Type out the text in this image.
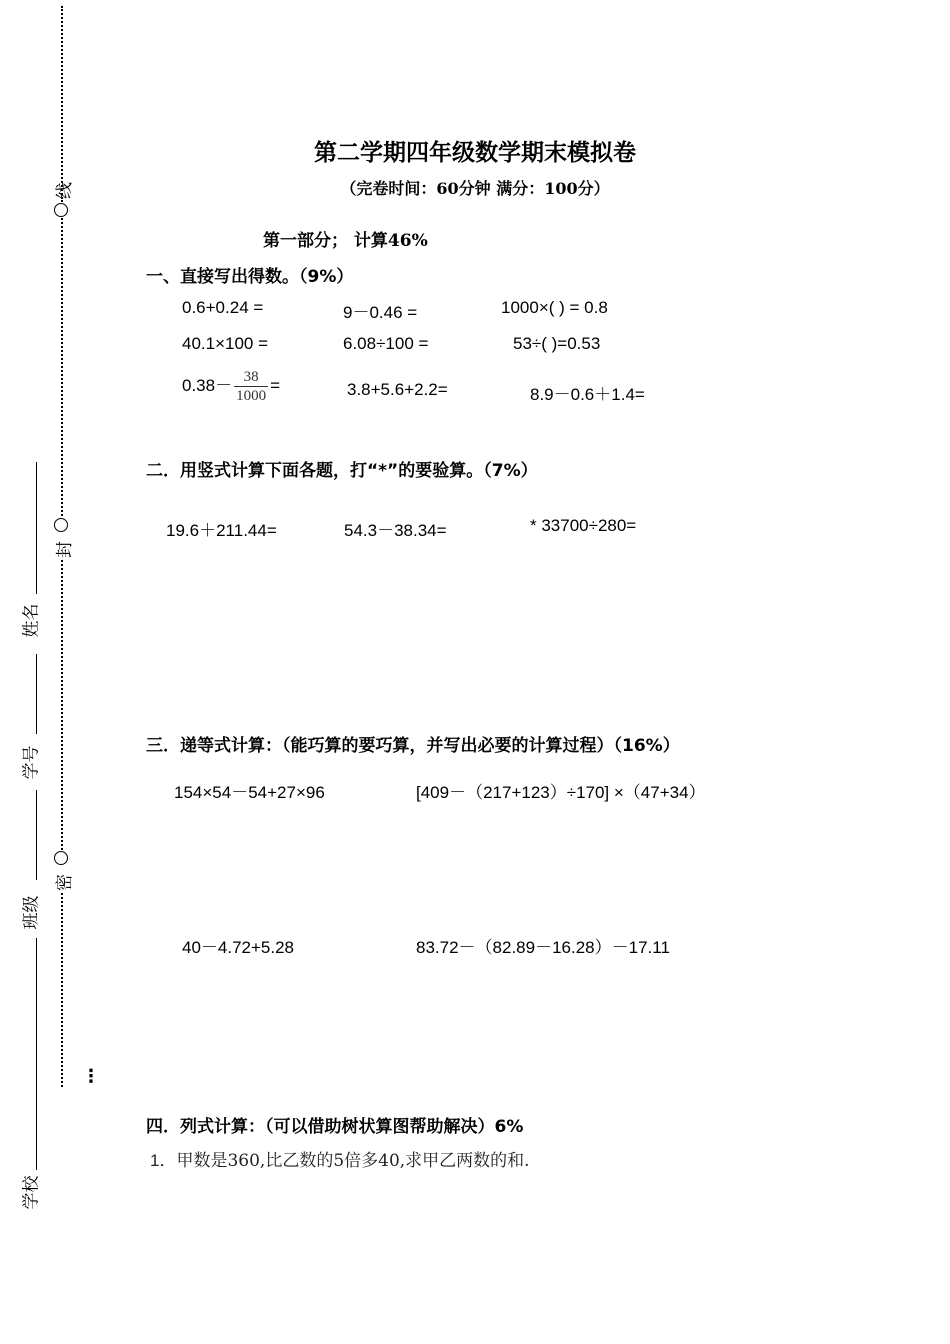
线
封
密
⋮
姓名
学号
班级
学校
第二学期四年级数学期末模拟卷
（完卷时间：60分钟 满分：100分）
第一部分； 计算46%
一、直接写出得数。（9%）
0.6+0.24 =	9－0.46 =	1000×( ) = 0.8
40.1×100 =	6.08÷100 =	53÷( )=0.53
$0.38- \frac{38}{1000}$ =	3.8+5.6+2.2=	8.9－0.6＋1.4=
二．用竖式计算下面各题，打“*”的要验算。（7%）
19.6＋211.44=	54.3－38.34=	* 33700÷280=
三．递等式计算：（能巧算的要巧算，并写出必要的计算过程）（16%）
154×54－54+27×96	[409－（217+123）÷170] ×（47+34）
40－4.72+5.28	83.72－（82.89－16.28）－17.11
四．列式计算：（可以借助树状算图帮助解决）6%
1．甲数是360,比乙数的5倍多40,求甲乙两数的和.
